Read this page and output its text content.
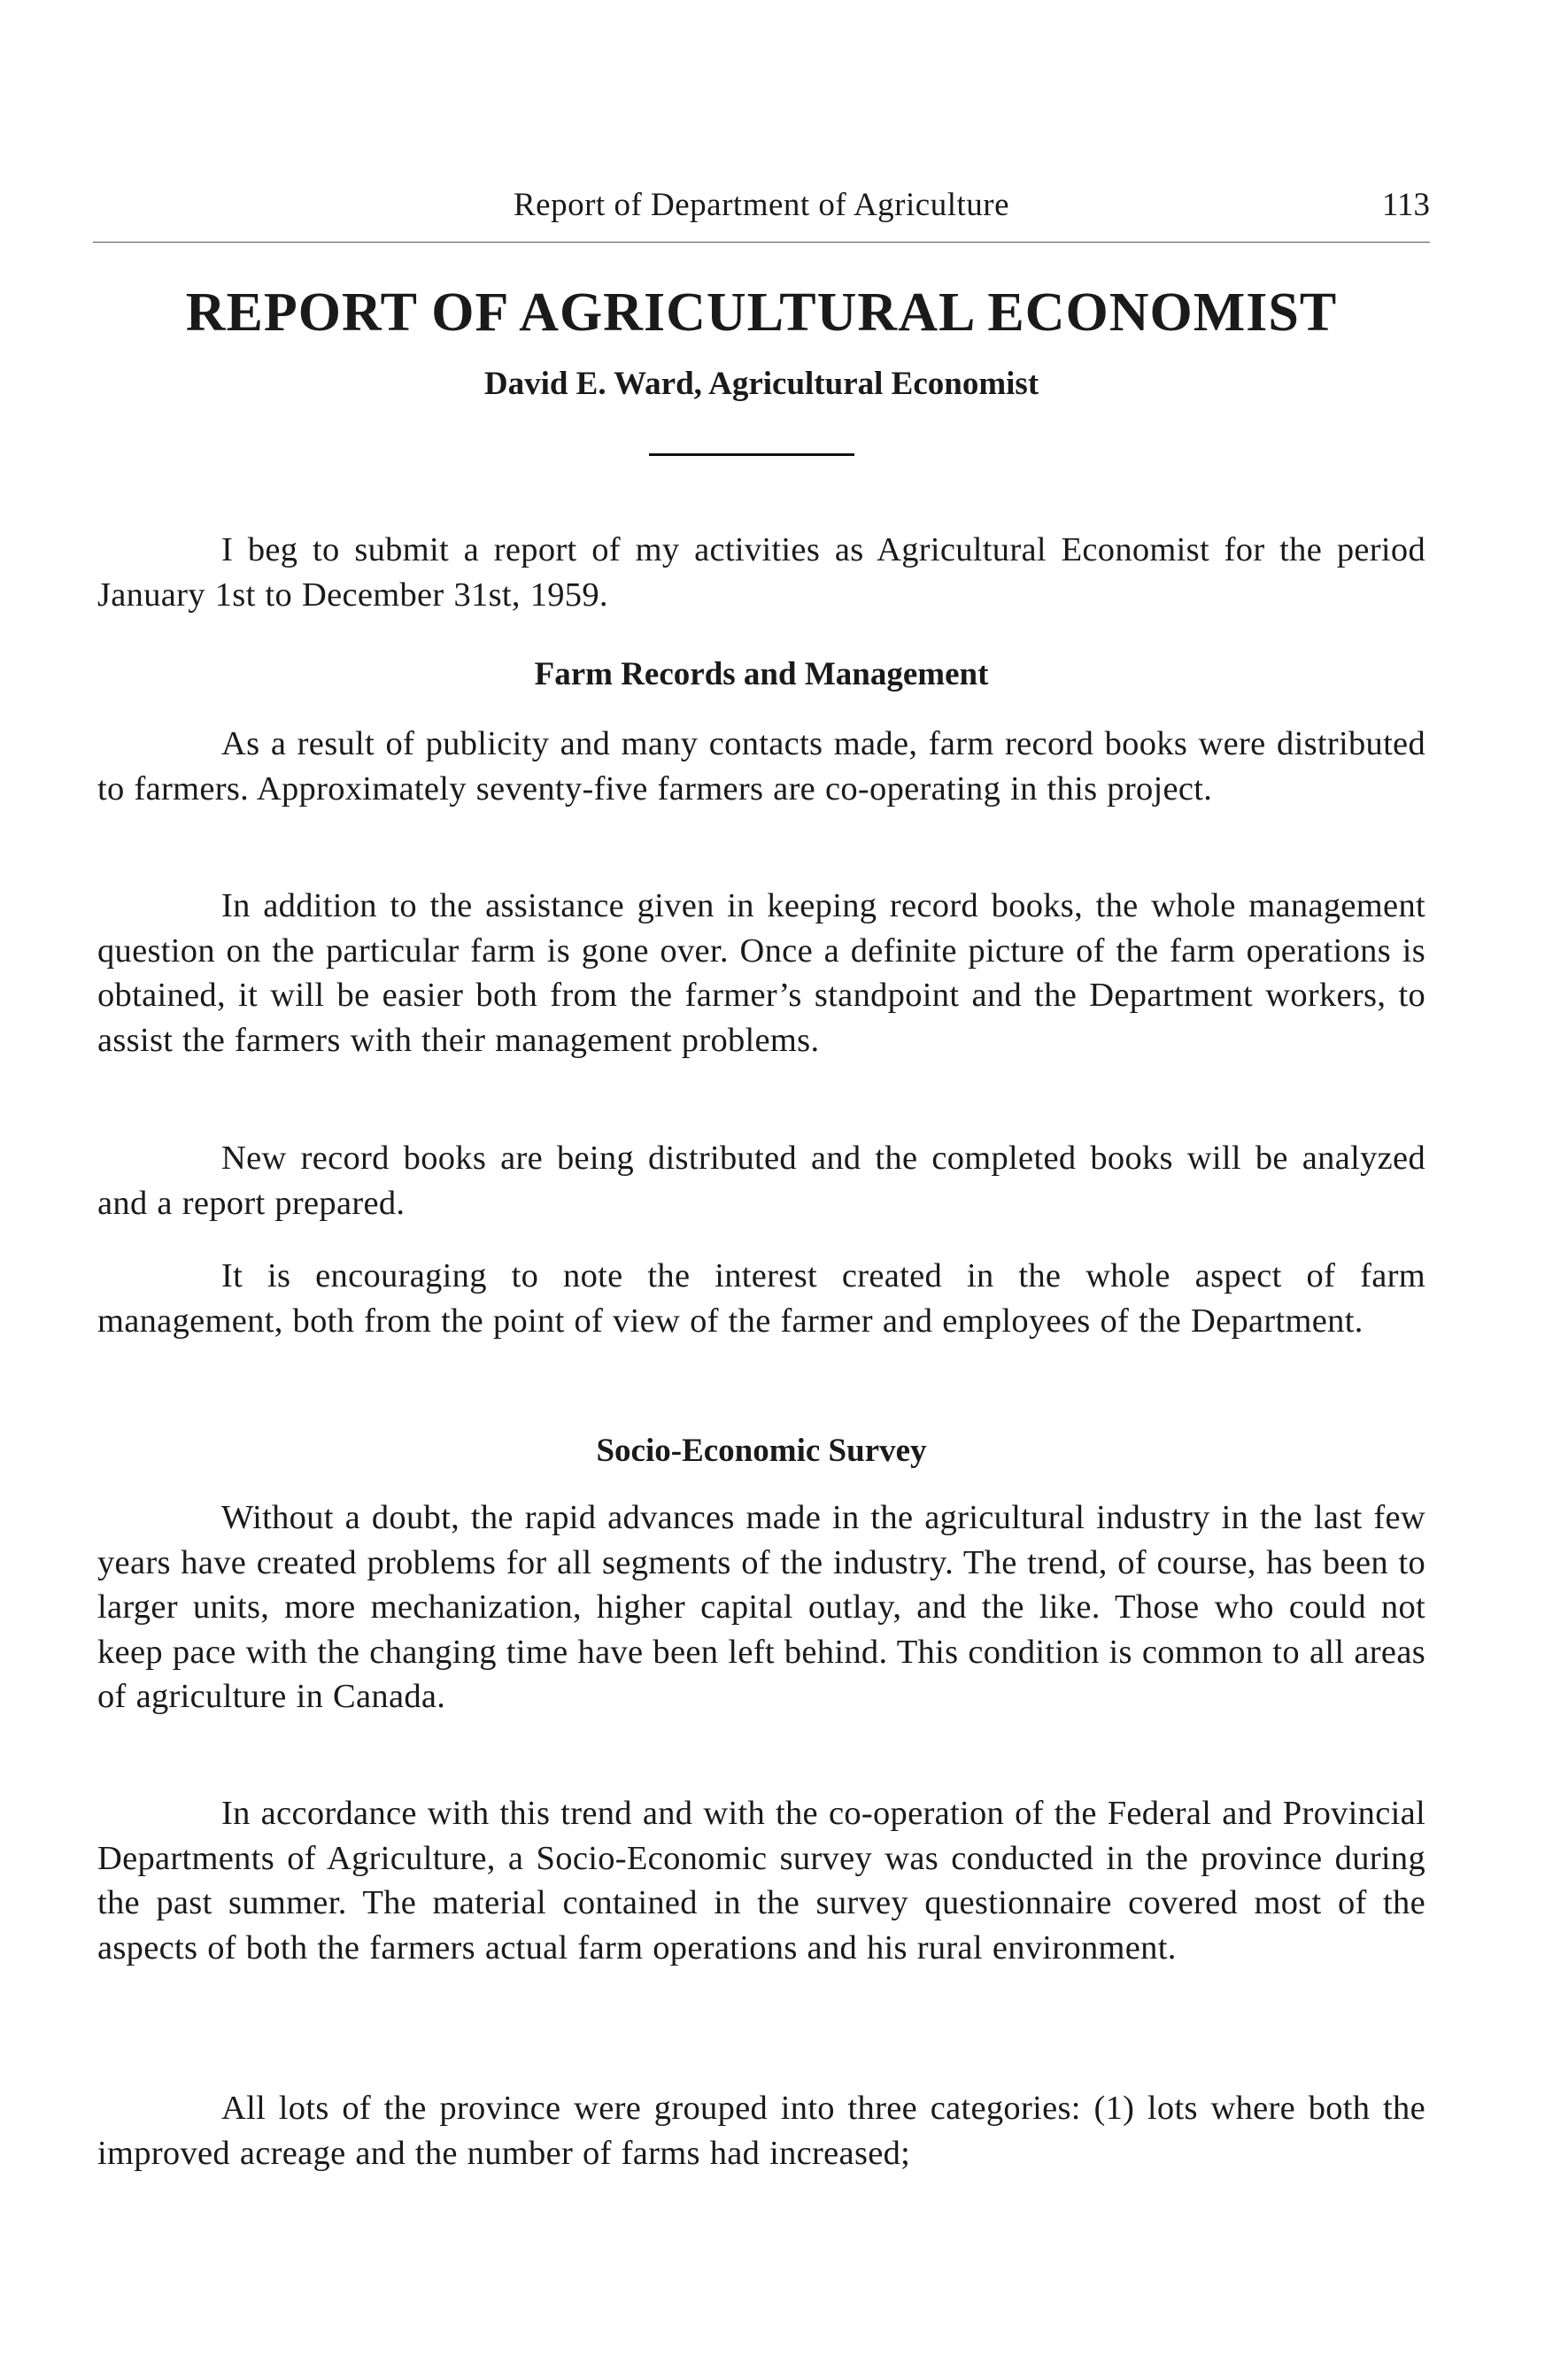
Report of Department of Agriculture	113
REPORT OF AGRICULTURAL ECONOMIST
David E. Ward, Agricultural Economist

I beg to submit a report of my activities as Agricultural Economist for the period January 1st to December 31st, 1959.

Farm Records and Management

As a result of publicity and many contacts made, farm record books were distributed to farmers. Approximately seventy-five farmers are co-operating in this project.

In addition to the assistance given in keeping record books, the whole management question on the particular farm is gone over. Once a definite picture of the farm operations is obtained, it will be easier both from the farmer’s standpoint and the Department workers, to assist the farmers with their management problems.

New record books are being distributed and the completed books will be analyzed and a report prepared.

It is encouraging to note the interest created in the whole aspect of farm management, both from the point of view of the farmer and employees of the Department.

Socio-Economic Survey

Without a doubt, the rapid advances made in the agricultural industry in the last few years have created problems for all segments of the industry. The trend, of course, has been to larger units, more mechanization, higher capital outlay, and the like. Those who could not keep pace with the changing time have been left behind. This condition is common to all areas of agriculture in Canada.

In accordance with this trend and with the co-operation of the Federal and Provincial Departments of Agriculture, a Socio-Economic survey was conducted in the province during the past summer. The material contained in the survey questionnaire covered most of the aspects of both the farmers actual farm operations and his rural environment.

All lots of the province were grouped into three categories: (1) lots where both the improved acreage and the number of farms had increased;
